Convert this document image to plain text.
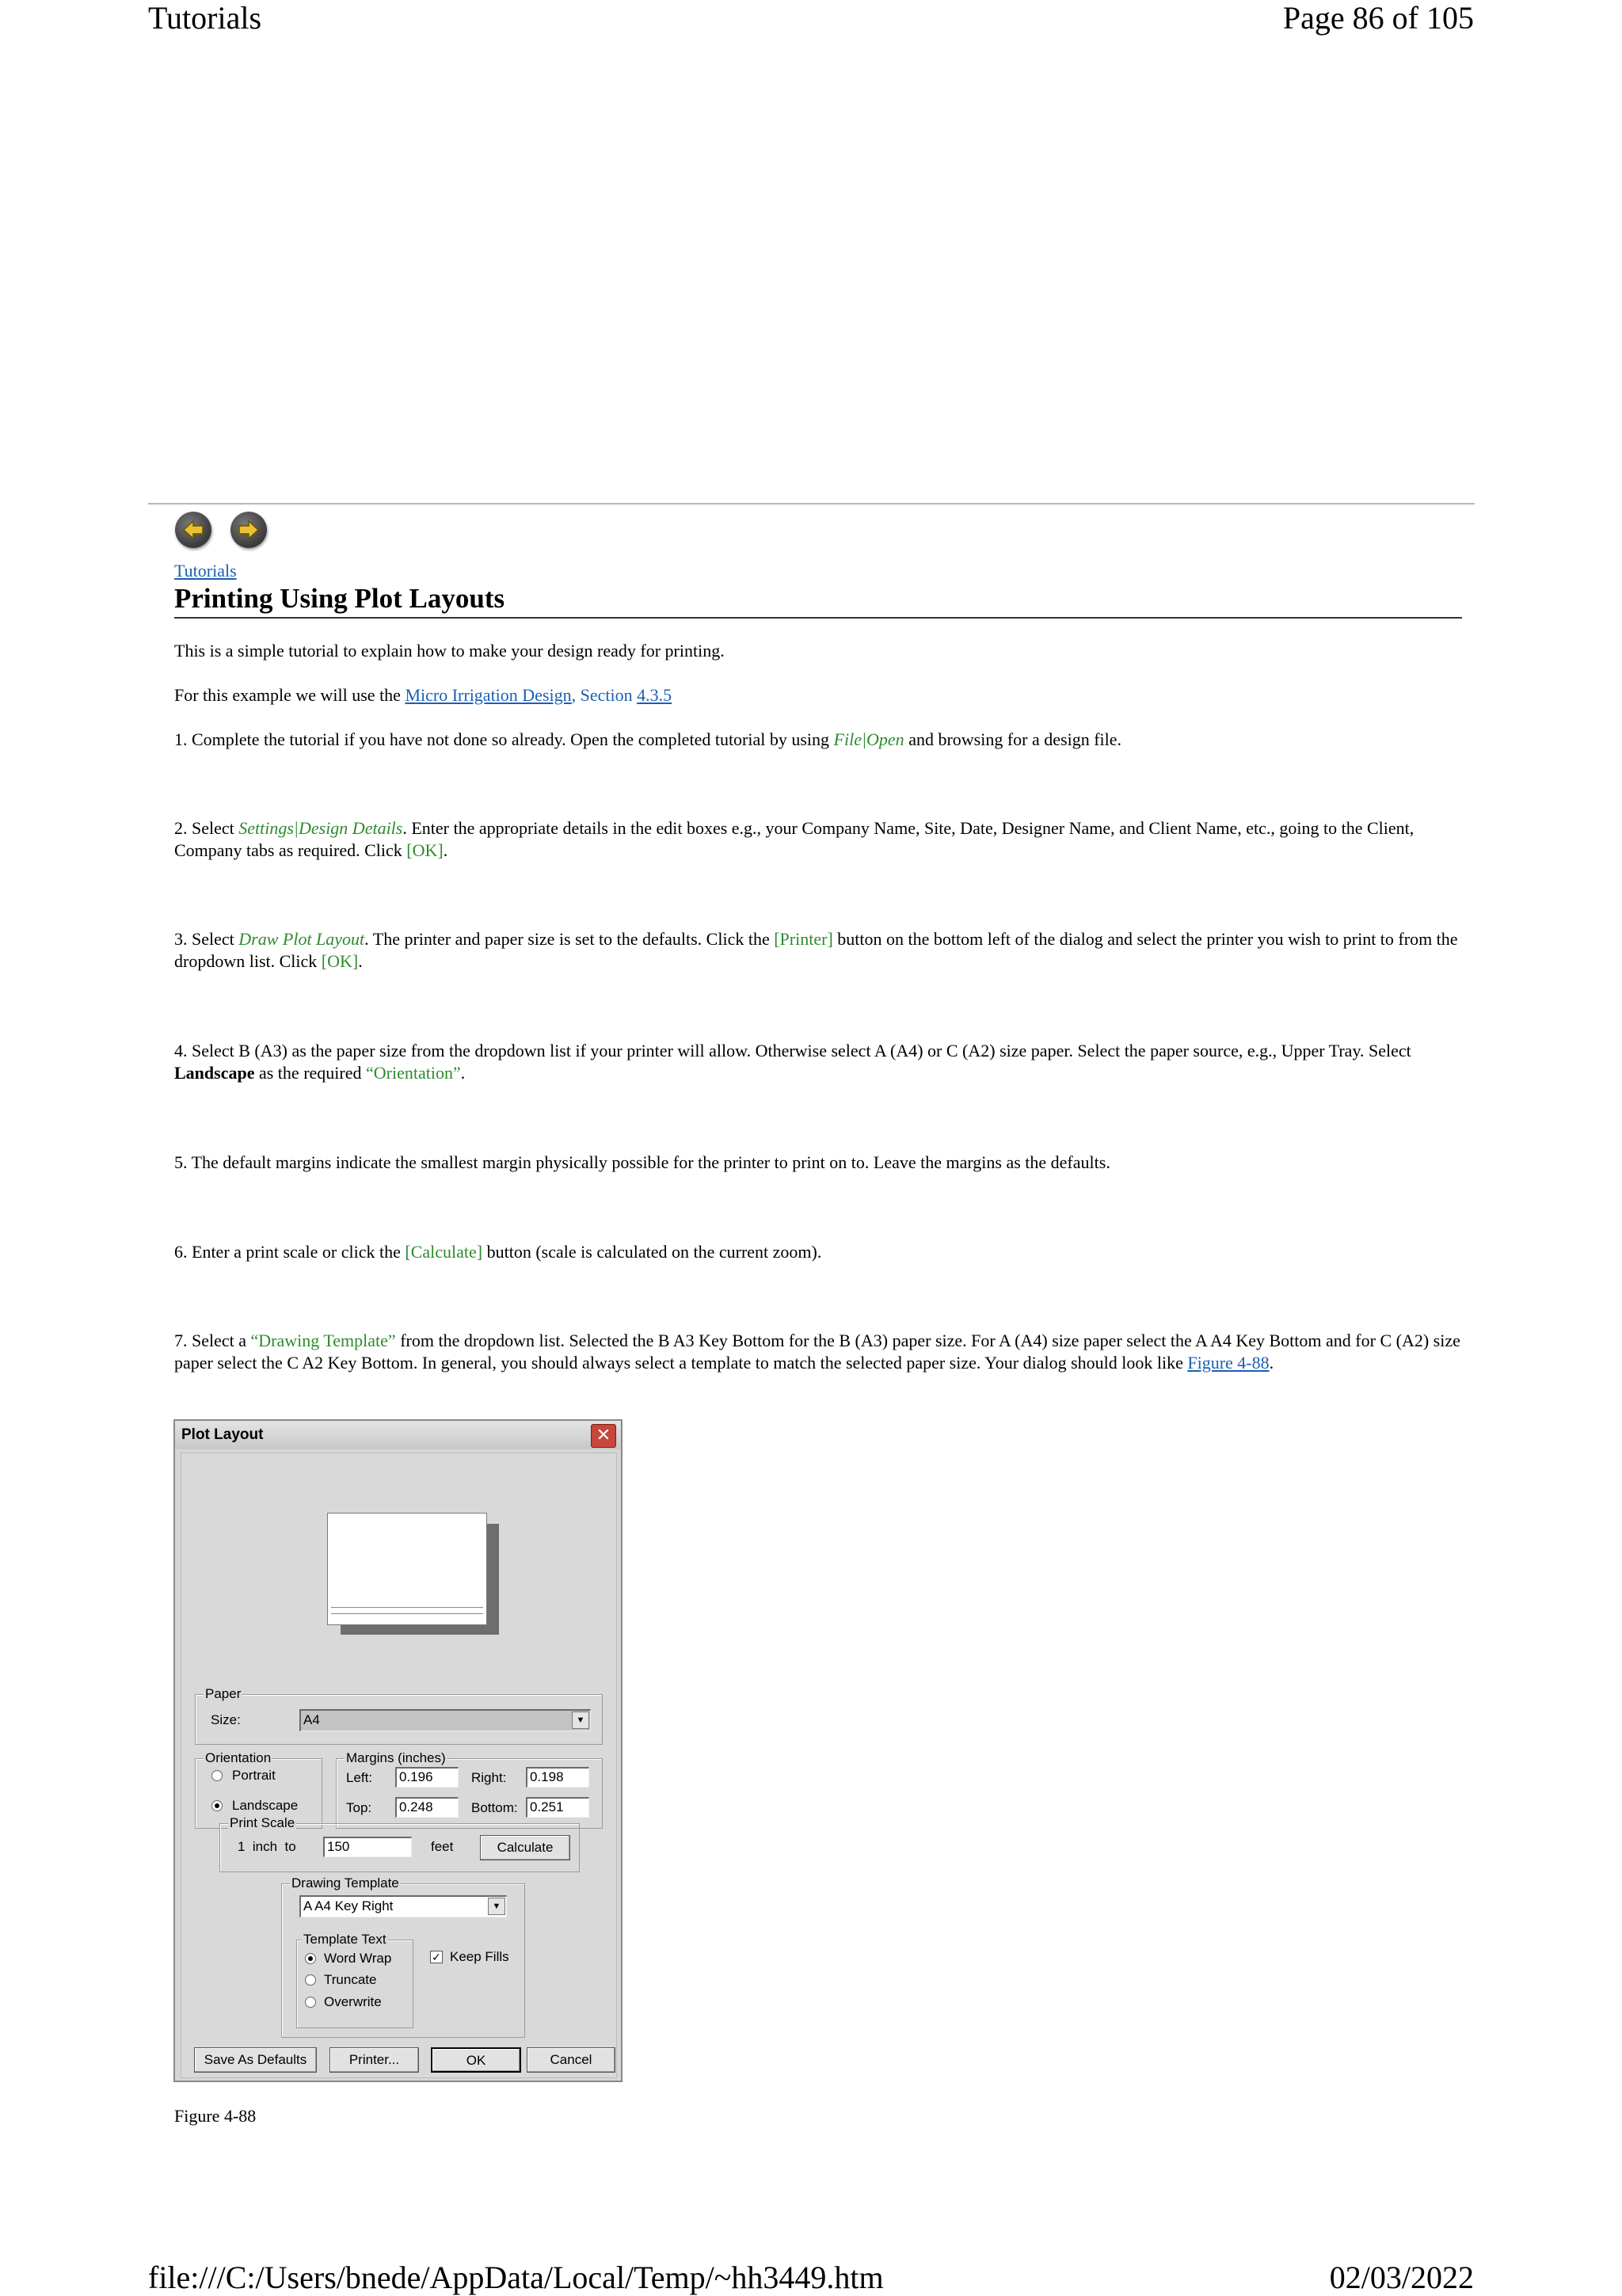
Tutorials	Page 86 of 105
Tutorials
Printing Using Plot Layouts
This is a simple tutorial to explain how to make your design ready for printing.
For this example we will use the Micro Irrigation Design, Section 4.3.5
1. Complete the tutorial if you have not done so already. Open the completed tutorial by using File|Open and browsing for a design file.
2. Select Settings|Design Details. Enter the appropriate details in the edit boxes e.g., your Company Name, Site, Date, Designer Name, and Client Name, etc., going to the Client, Company tabs as required. Click [OK].
3. Select Draw Plot Layout. The printer and paper size is set to the defaults. Click the [Printer] button on the bottom left of the dialog and select the printer you wish to print to from the dropdown list. Click [OK].
4. Select B (A3) as the paper size from the dropdown list if your printer will allow. Otherwise select A (A4) or C (A2) size paper. Select the paper source, e.g., Upper Tray. Select Landscape as the required “Orientation”.
5. The default margins indicate the smallest margin physically possible for the printer to print on to. Leave the margins as the defaults.
6. Enter a print scale or click the [Calculate] button (scale is calculated on the current zoom).
7. Select a “Drawing Template” from the dropdown list. Selected the B A3 Key Bottom for the B (A3) paper size. For A (A4) size paper select the A A4 Key Bottom and for C (A2) size paper select the C A2 Key Bottom. In general, you should always select a template to match the selected paper size. Your dialog should look like Figure 4-88.
Plot Layout	✕
Paper
Size:	A4	▼
Orientation
Portrait
Landscape
Margins (inches)
Left: 0.196	Right: 0.198
Top: 0.248	Bottom: 0.251
Print Scale
1  inch  to 150	feet	Calculate
Drawing Template
A A4 Key Right	▼
Template Text
Word Wrap
Truncate
Overwrite
✓ Keep Fills
Save As Defaults	Printer...	OK	Cancel
Figure 4-88
file:///C:/Users/bnede/AppData/Local/Temp/~hh3449.htm	02/03/2022
